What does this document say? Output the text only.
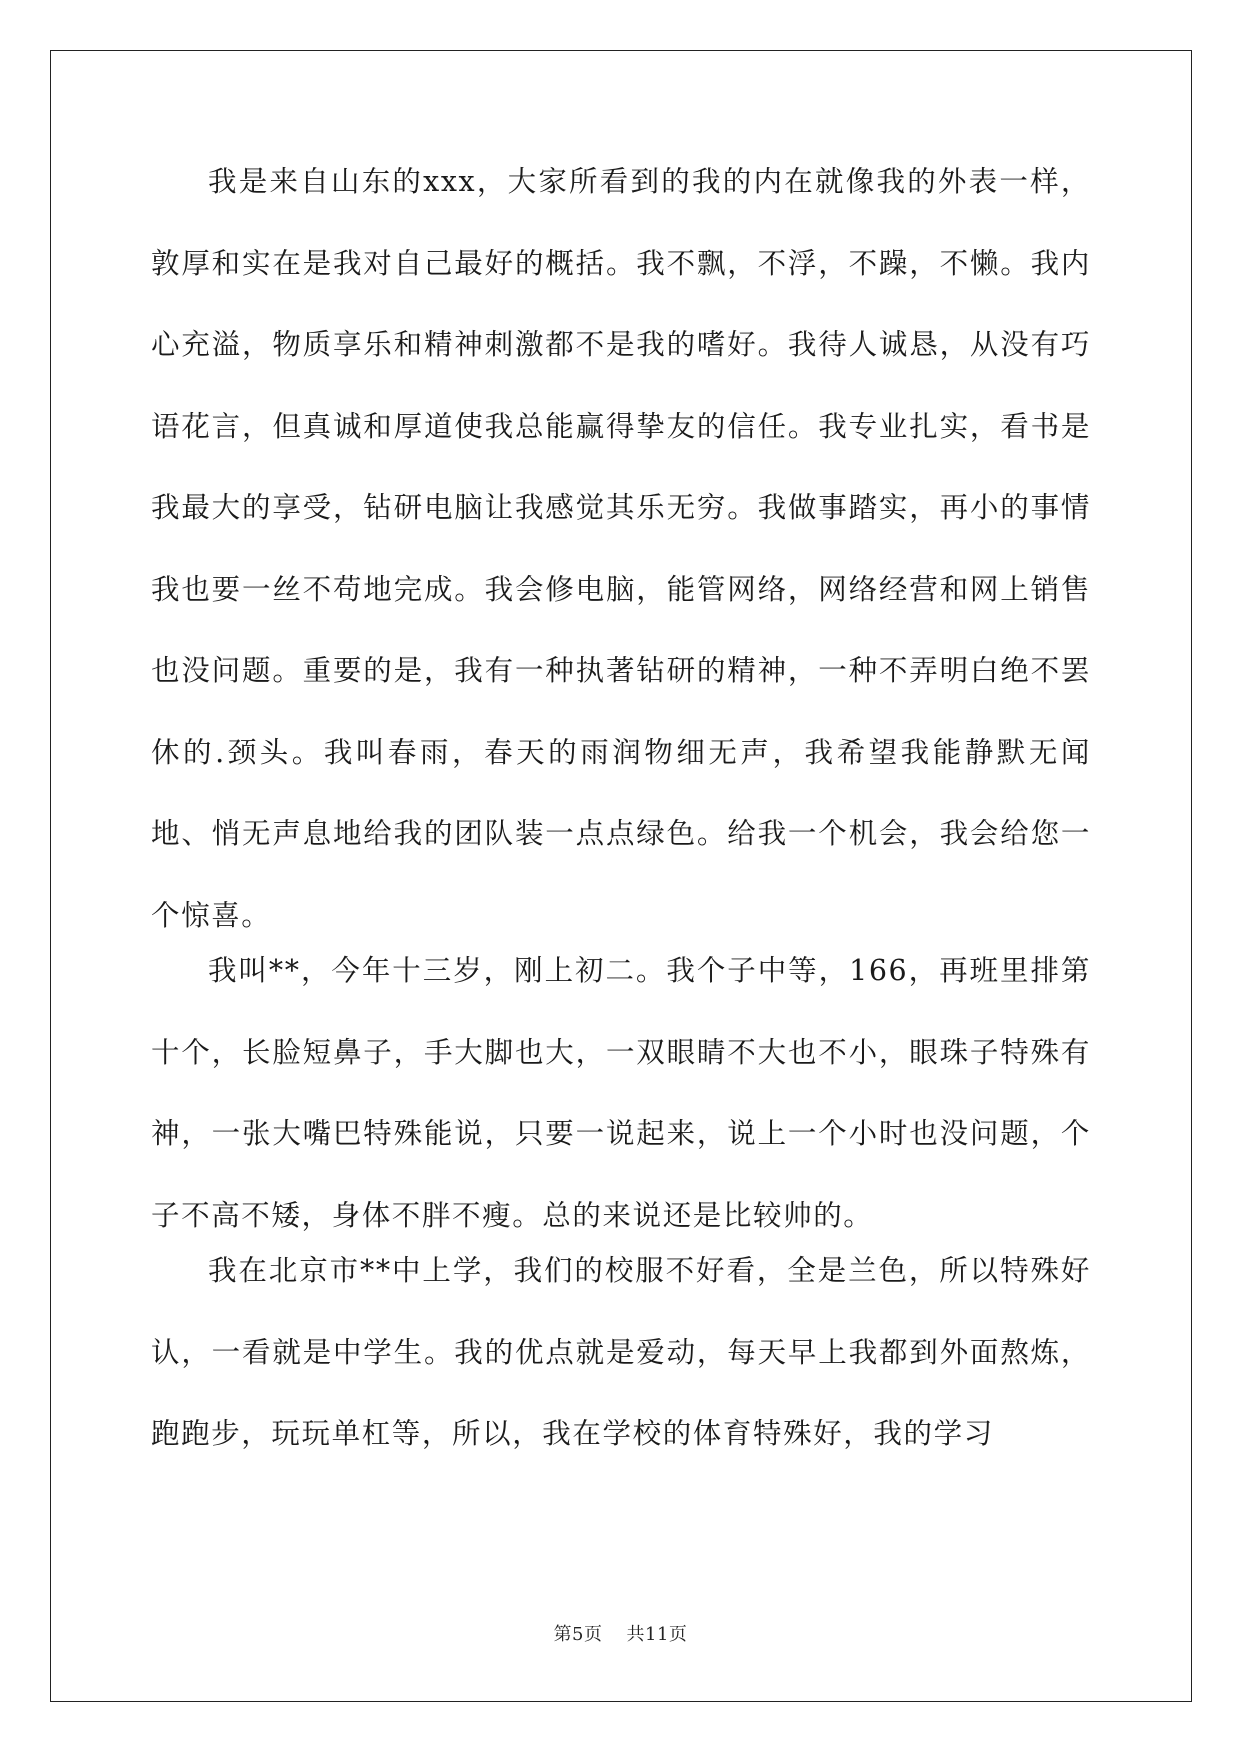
我是来自山东的xxx，大家所看到的我的内在就像我的外表一样，敦厚和实在是我对自己最好的概括。我不飘，不浮，不躁，不懒。我内心充溢，物质享乐和精神刺激都不是我的嗜好。我待人诚恳，从没有巧语花言，但真诚和厚道使我总能赢得挚友的信任。我专业扎实，看书是我最大的享受，钻研电脑让我感觉其乐无穷。我做事踏实，再小的事情我也要一丝不苟地完成。我会修电脑，能管网络，网络经营和网上销售也没问题。重要的是，我有一种执著钻研的精神，一种不弄明白绝不罢休的.颈头。我叫春雨，春天的雨润物细无声，我希望我能静默无闻地、悄无声息地给我的团队装一点点绿色。给我一个机会，我会给您一个惊喜。

我叫**，今年十三岁，刚上初二。我个子中等，166，再班里排第十个，长脸短鼻子，手大脚也大，一双眼睛不大也不小，眼珠子特殊有神，一张大嘴巴特殊能说，只要一说起来，说上一个小时也没问题，个子不高不矮，身体不胖不瘦。总的来说还是比较帅的。

我在北京市**中上学，我们的校服不好看，全是兰色，所以特殊好认，一看就是中学生。我的优点就是爱动，每天早上我都到外面熬炼，跑跑步，玩玩单杠等，所以，我在学校的体育特殊好，我的学习

第5页 共11页
